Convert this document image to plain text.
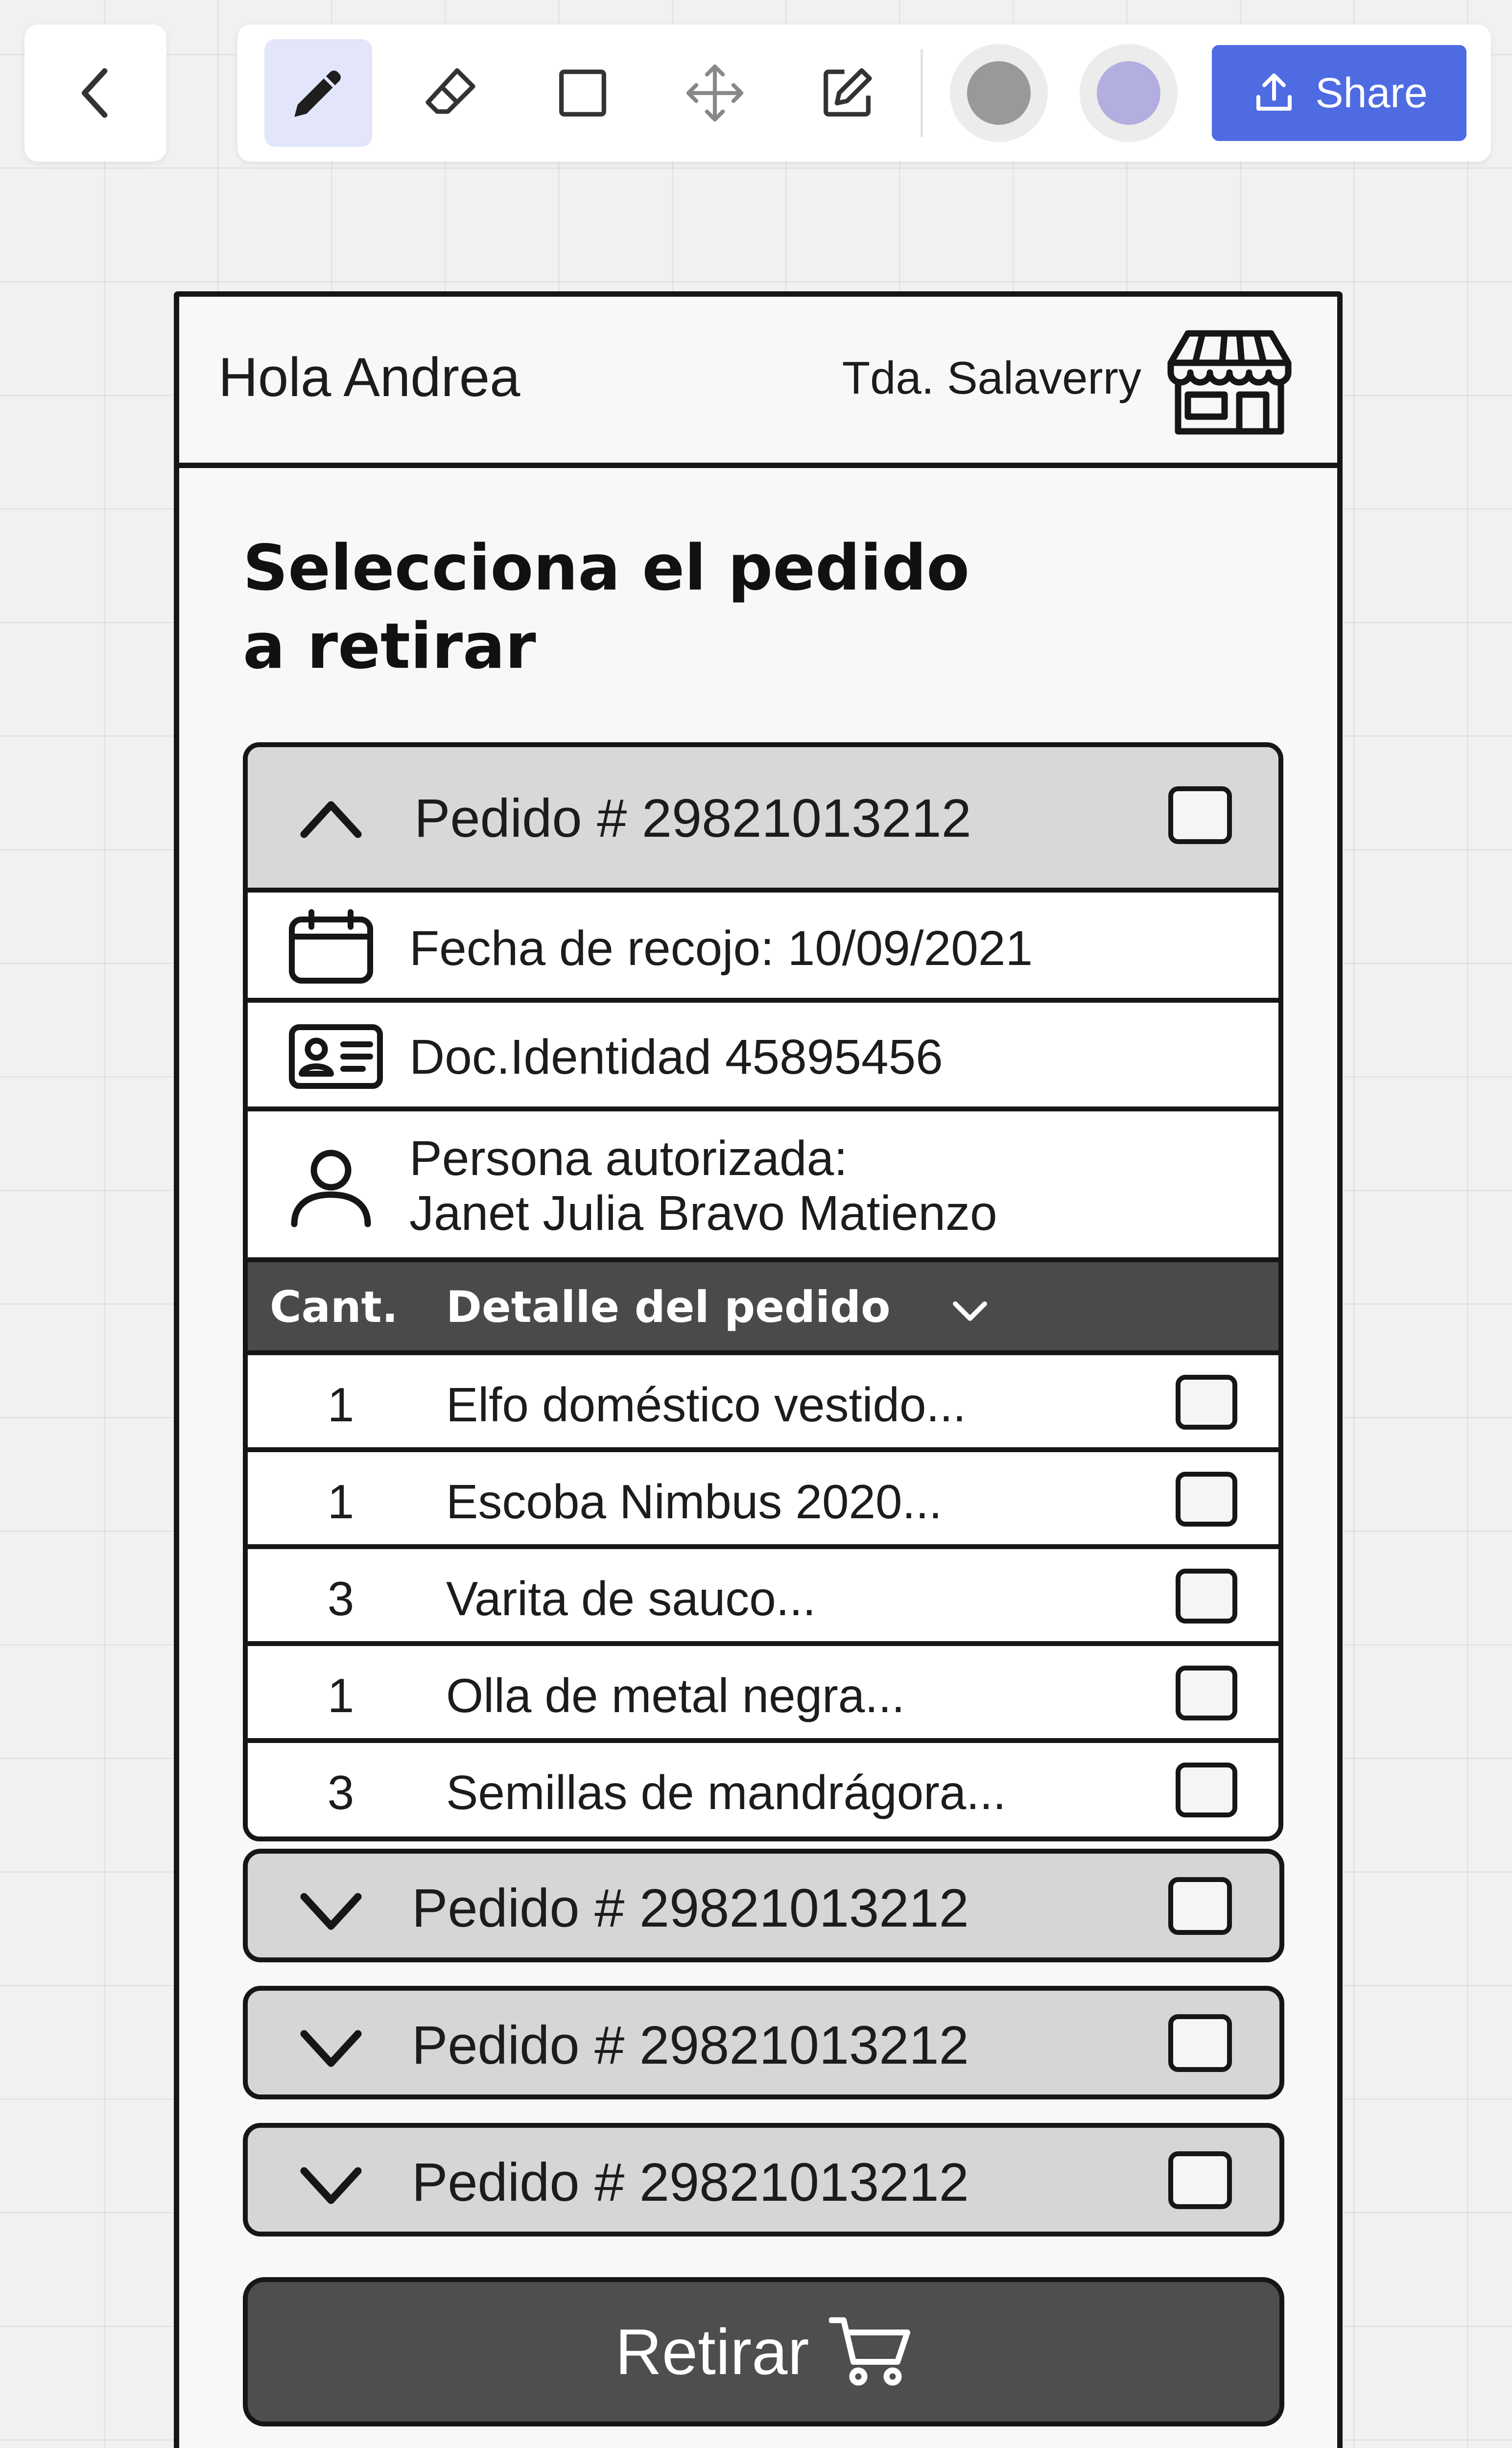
Share
Hola Andrea	Tda. Salaverry
Selecciona el pedido
a retirar
Pedido # 29821013212
Fecha de recojo: 10/09/2021
Doc.Identidad 45895456
Persona autorizada:
Janet Julia Bravo Matienzo
Cant. Detalle del pedido
1 Elfo doméstico vestido...
1 Escoba Nimbus 2020...
3 Varita de sauco...
1 Olla de metal negra...
3 Semillas de mandrágora...
Pedido # 29821013212
Pedido # 29821013212
Pedido # 29821013212
Retirar
